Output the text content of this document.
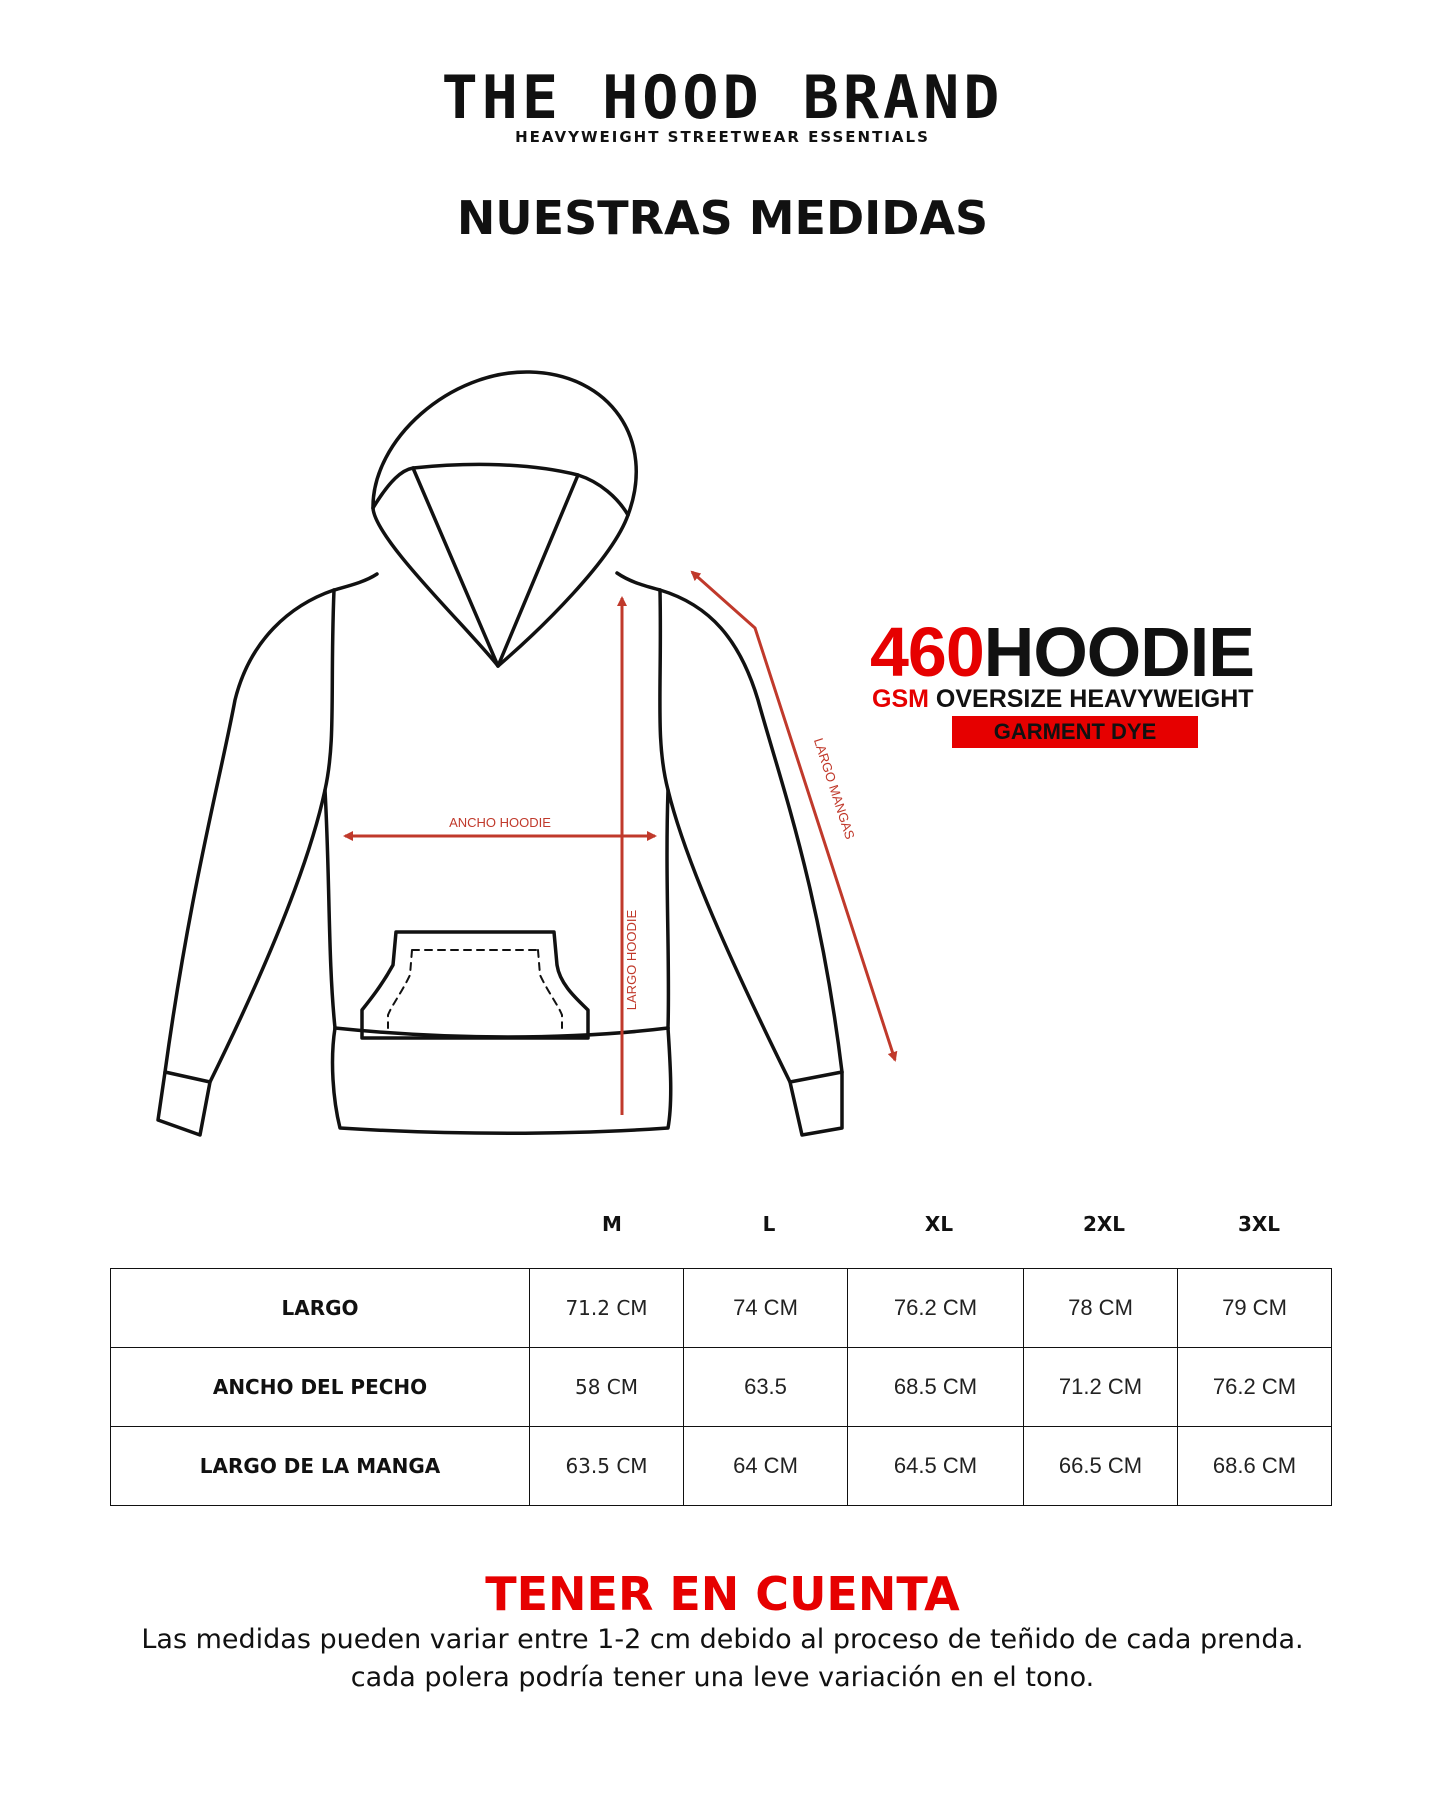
THE HOOD BRAND
HEAVYWEIGHT STREETWEAR ESSENTIALS
NUESTRAS MEDIDAS
ANCHO HOODIE
LARGO HOODIE
LARGO MANGAS
460HOODIE
GSM OVERSIZE HEAVYWEIGHT
GARMENT DYE
M	L	XL	2XL	3XL
LARGO	71.2 CM	74 CM	76.2 CM	78 CM	79 CM
ANCHO DEL PECHO	58 CM	63.5	68.5 CM	71.2 CM	76.2 CM
LARGO DE LA MANGA	63.5 CM	64 CM	64.5 CM	66.5 CM	68.6 CM
TENER EN CUENTA
Las medidas pueden variar entre 1-2 cm debido al proceso de teñido de cada prenda.
cada polera podría tener una leve variación en el tono.
